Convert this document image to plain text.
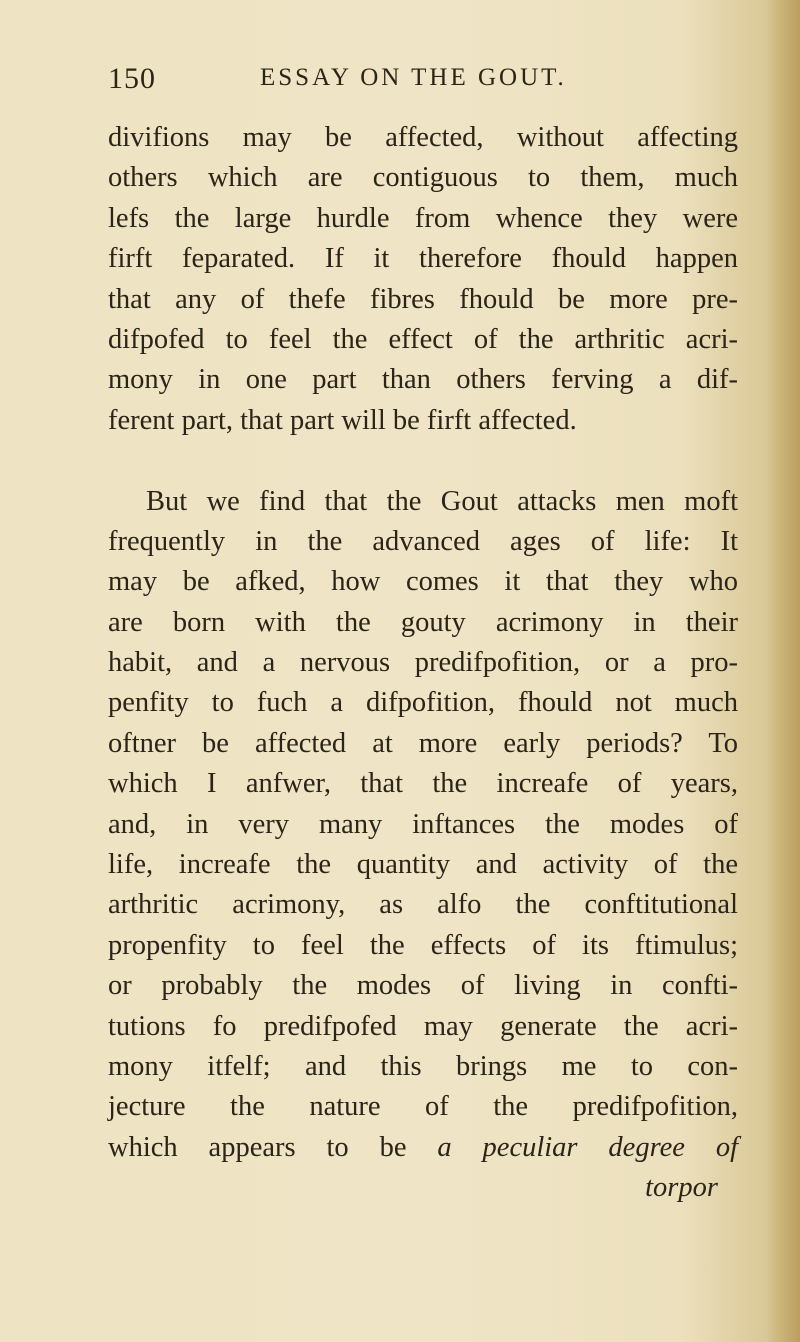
150	ESSAY ON THE GOUT.
divifions may be affected, without affecting
others which are contiguous to them, much
lefs the large hurdle from whence they were
firft feparated. If it therefore fhould happen
that any of thefe fibres fhould be more pre-
difpofed to feel the effect of the arthritic acri-
mony in one part than others ferving a dif-
ferent part, that part will be firft affected.
But we find that the Gout attacks men moft
frequently in the advanced ages of life: It
may be afked, how comes it that they who
are born with the gouty acrimony in their
habit, and a nervous predifpofition, or a pro-
penfity to fuch a difpofition, fhould not much
oftner be affected at more early periods? To
which I anfwer, that the increafe of years,
and, in very many inftances the modes of
life, increafe the quantity and activity of the
arthritic acrimony, as alfo the conftitutional
propenfity to feel the effects of its ftimulus;
or probably the modes of living in confti-
tutions fo predifpofed may generate the acri-
mony itfelf; and this brings me to con-
jecture the nature of the predifpofition,
which appears to be a peculiar degree of
torpor
